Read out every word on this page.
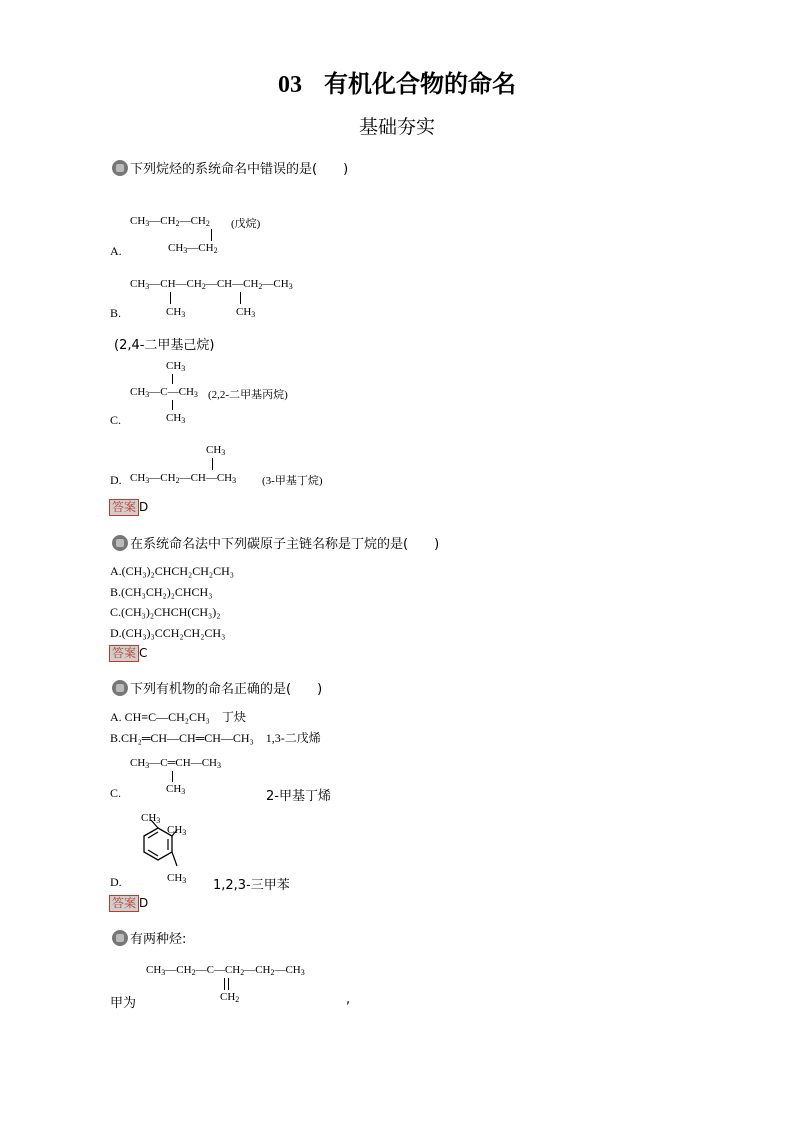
03 有机化合物的命名
基础夯实
下列烷烃的系统命名中错误的是(　　)
$CH_3—CH_2—CH_2$ (戊烷)
$CH_3—CH_2$
A.
$CH_3—CH—CH_2—CH—CH_2—CH_3$
$CH_3$	$CH_3$
B.
(2,4-二甲基己烷)
$CH_3$
$CH_3—C—CH_3$ (2,2-二甲基丙烷)
$CH_3$
C.
$CH_3$
$CH_3—CH_2—CH—CH_3$ (3-甲基丁烷)
D.
答案 D
在系统命名法中下列碳原子主链名称是丁烷的是(　　)
A.(CH₃)₂CHCH₂CH₂CH₃
B.(CH₃CH₂)₂CHCH₃
C.(CH₃)₂CHCH(CH₃)₂
D.(CH₃)₃CCH₂CH₂CH₃
答案 C
下列有机物的命名正确的是(　　)
A. CH≡C—CH₂CH₃　丁炔
B.CH₂═CH—CH═CH—CH₃　1,3-二戊烯
$CH_3—C═CH—CH_3$
$CH_3$
C.	2-甲基丁烯
$CH_3$
$CH_3$
$CH_3$
D.	1,2,3-三甲苯
答案 D
有两种烃:
$CH_3—CH_2—C—CH_2—CH_2—CH_3$
$CH_2$
甲为	,
